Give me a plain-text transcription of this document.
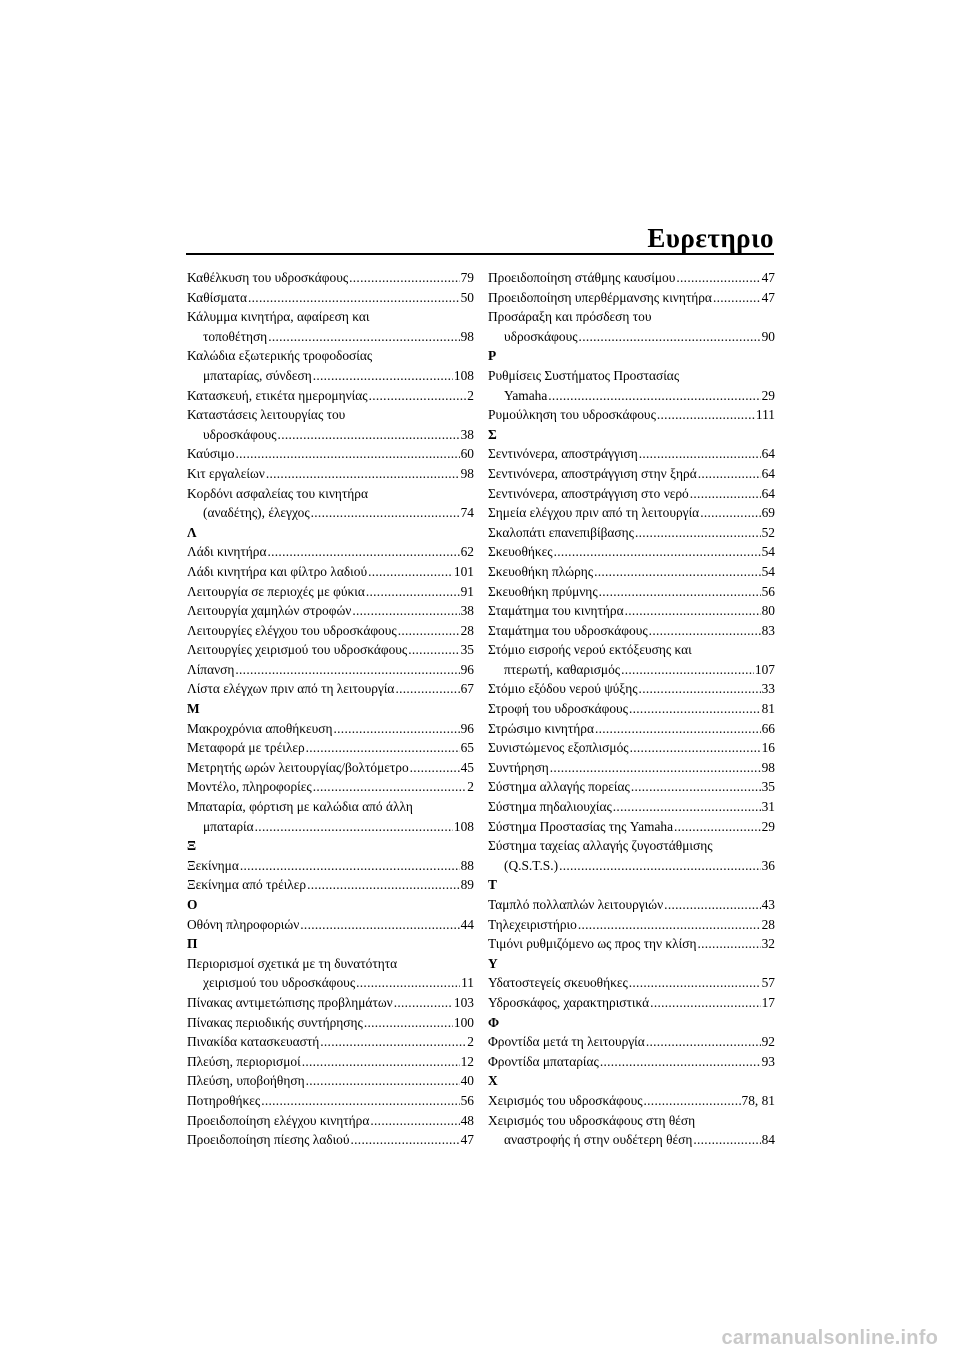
Ευρετηριο
Καθέλκυση του υδροσκάφους .....	79
Καθίσματα .....	50
Κάλυμμα κινητήρα, αφαίρεση και
τοποθέτηση .....	98
Καλώδια εξωτερικής τροφοδοσίας
μπαταρίας, σύνδεση .....	108
Κατασκευή, ετικέτα ημερομηνίας .....	2
Καταστάσεις λειτουργίας του
υδροσκάφους .....	38
Καύσιμο .....	60
Κιτ εργαλείων .....	98
Κορδόνι ασφαλείας του κινητήρα
(αναδέτης), έλεγχος .....	74
Λ
Λάδι κινητήρα .....	62
Λάδι κινητήρα και φίλτρο λαδιού .....	101
Λειτουργία σε περιοχές με φύκια .....	91
Λειτουργία χαμηλών στροφών .....	38
Λειτουργίες ελέγχου του υδροσκάφους .....	28
Λειτουργίες χειρισμού του υδροσκάφους .....	35
Λίπανση .....	96
Λίστα ελέγχων πριν από τη λειτουργία .....	67
Μ
Μακροχρόνια αποθήκευση .....	96
Μεταφορά με τρέιλερ .....	65
Μετρητής ωρών λειτουργίας/βολτόμετρο .....	45
Μοντέλο, πληροφορίες .....	2
Μπαταρία, φόρτιση με καλώδια από άλλη
μπαταρία .....	108
Ξ
Ξεκίνημα .....	88
Ξεκίνημα από τρέιλερ .....	89
Ο
Οθόνη πληροφοριών .....	44
Π
Περιορισμοί σχετικά με τη δυνατότητα
χειρισμού του υδροσκάφους .....	11
Πίνακας αντιμετώπισης προβλημάτων .....	103
Πίνακας περιοδικής συντήρησης .....	100
Πινακίδα κατασκευαστή .....	2
Πλεύση, περιορισμοί .....	12
Πλεύση, υποβοήθηση .....	40
Ποτηροθήκες .....	56
Προειδοποίηση ελέγχου κινητήρα .....	48
Προειδοποίηση πίεσης λαδιού .....	47
Προειδοποίηση στάθμης καυσίμου .....	47
Προειδοποίηση υπερθέρμανσης κινητήρα .....	47
Προσάραξη και πρόσδεση του
υδροσκάφους .....	90
Ρ
Ρυθμίσεις Συστήματος Προστασίας
Yamaha .....	29
Ρυμούλκηση του υδροσκάφους .....	111
Σ
Σεντινόνερα, αποστράγγιση .....	64
Σεντινόνερα, αποστράγγιση στην ξηρά .....	64
Σεντινόνερα, αποστράγγιση στο νερό .....	64
Σημεία ελέγχου πριν από τη λειτουργία .....	69
Σκαλοπάτι επανεπιβίβασης .....	52
Σκευοθήκες .....	54
Σκευοθήκη πλώρης .....	54
Σκευοθήκη πρύμνης .....	56
Σταμάτημα του κινητήρα .....	80
Σταμάτημα του υδροσκάφους .....	83
Στόμιο εισροής νερού εκτόξευσης και
πτερωτή, καθαρισμός .....	107
Στόμιο εξόδου νερού ψύξης .....	33
Στροφή του υδροσκάφους .....	81
Στρώσιμο κινητήρα .....	66
Συνιστώμενος εξοπλισμός .....	16
Συντήρηση .....	98
Σύστημα αλλαγής πορείας .....	35
Σύστημα πηδαλιουχίας .....	31
Σύστημα Προστασίας της Yamaha .....	29
Σύστημα ταχείας αλλαγής ζυγοστάθμισης
(Q.S.T.S.) .....	36
Τ
Ταμπλό πολλαπλών λειτουργιών .....	43
Τηλεχειριστήριο .....	28
Τιμόνι ρυθμιζόμενο ως προς την κλίση .....	32
Υ
Υδατοστεγείς σκευοθήκες .....	57
Υδροσκάφος, χαρακτηριστικά .....	17
Φ
Φροντίδα μετά τη λειτουργία .....	92
Φροντίδα μπαταρίας .....	93
Χ
Χειρισμός του υδροσκάφους .....	78, 81
Χειρισμός του υδροσκάφους στη θέση
αναστροφής ή στην ουδέτερη θέση .....	84
carmanualsonline.info
